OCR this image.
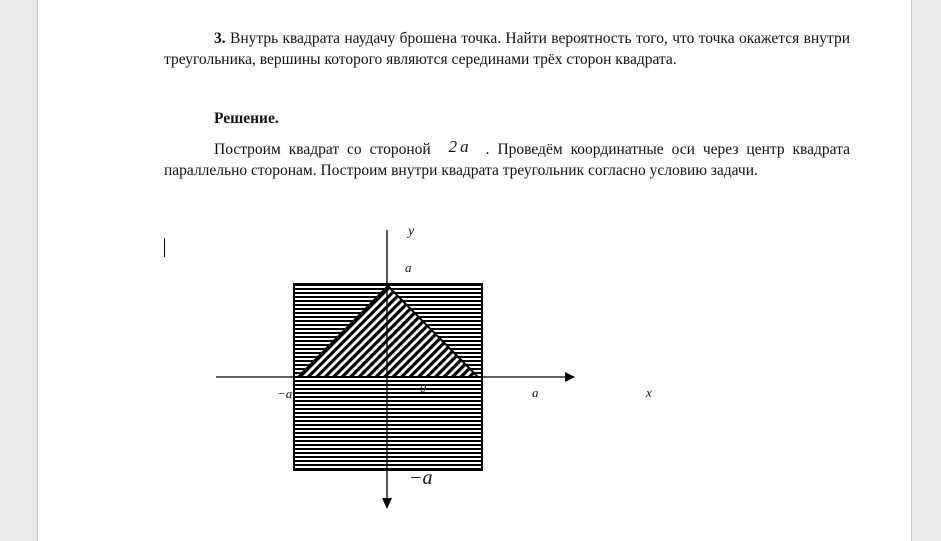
3. Внутрь квадрата наудачу брошена точка. Найти вероятность того, что точка окажется внутри треугольника, вершины которого являются серединами трёх сторон квадрата.
Решение.
Построим квадрат со стороной 2a . Проведём координатные оси через центр квадрата параллельно сторонам. Построим внутри квадрата треугольник согласно условию задачи.
y
a
−a	0	a	x
−a
